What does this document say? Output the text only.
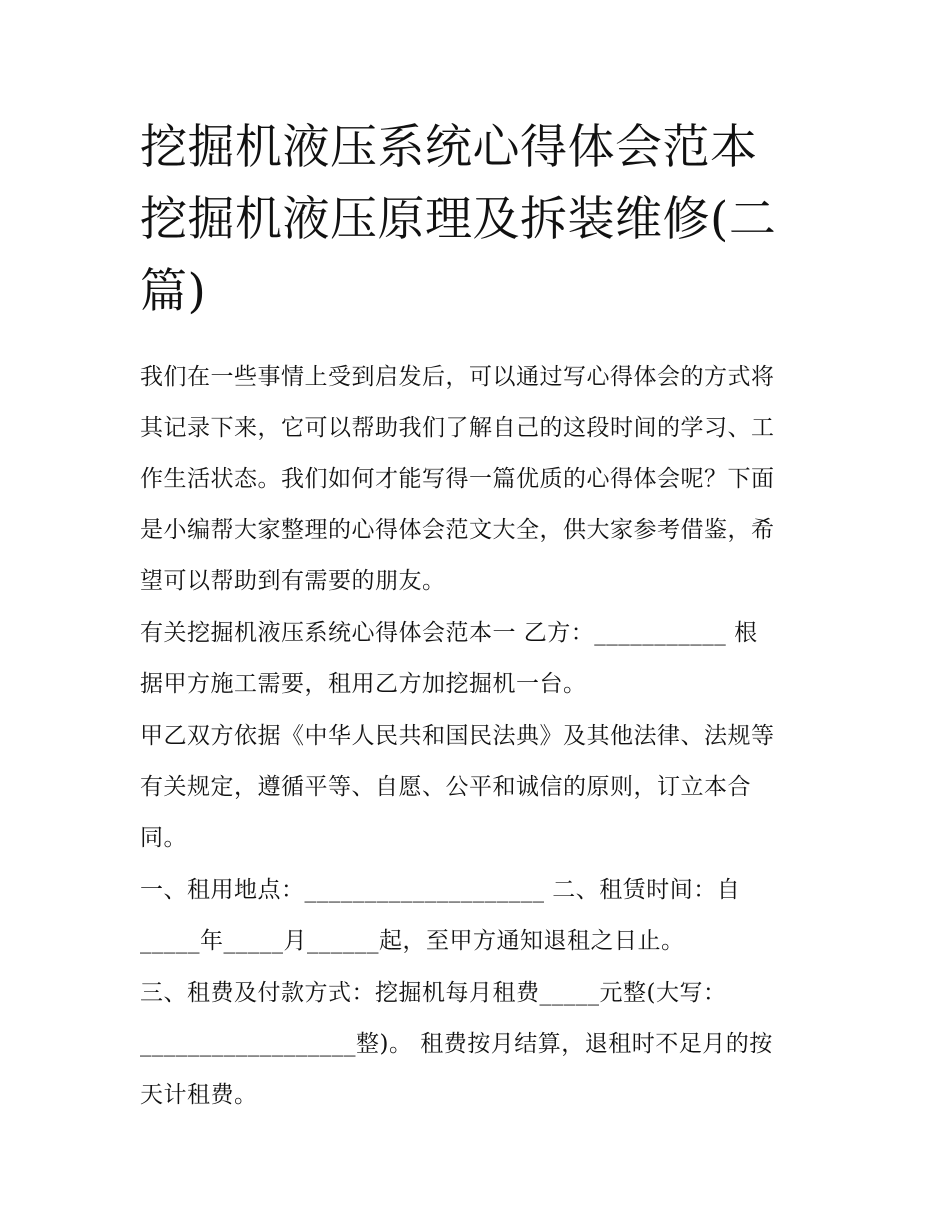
挖掘机液压系统心得体会范本
挖掘机液压原理及拆装维修(二
篇)
我们在一些事情上受到启发后，可以通过写心得体会的方式将
其记录下来，它可以帮助我们了解自己的这段时间的学习、工
作生活状态。我们如何才能写得一篇优质的心得体会呢？下面
是小编帮大家整理的心得体会范文大全，供大家参考借鉴，希
望可以帮助到有需要的朋友。
有关挖掘机液压系统心得体会范本一 乙方：___________ 根
据甲方施工需要，租用乙方加挖掘机一台。
甲乙双方依据《中华人民共和国民法典》及其他法律、法规等
有关规定，遵循平等、自愿、公平和诚信的原则，订立本合
同。
一、租用地点：____________________ 二、租赁时间：自
_____年_____月______起，至甲方通知退租之日止。
三、租费及付款方式：挖掘机每月租费_____元整(大写：
__________________整)。 租费按月结算，退租时不足月的按
天计租费。
